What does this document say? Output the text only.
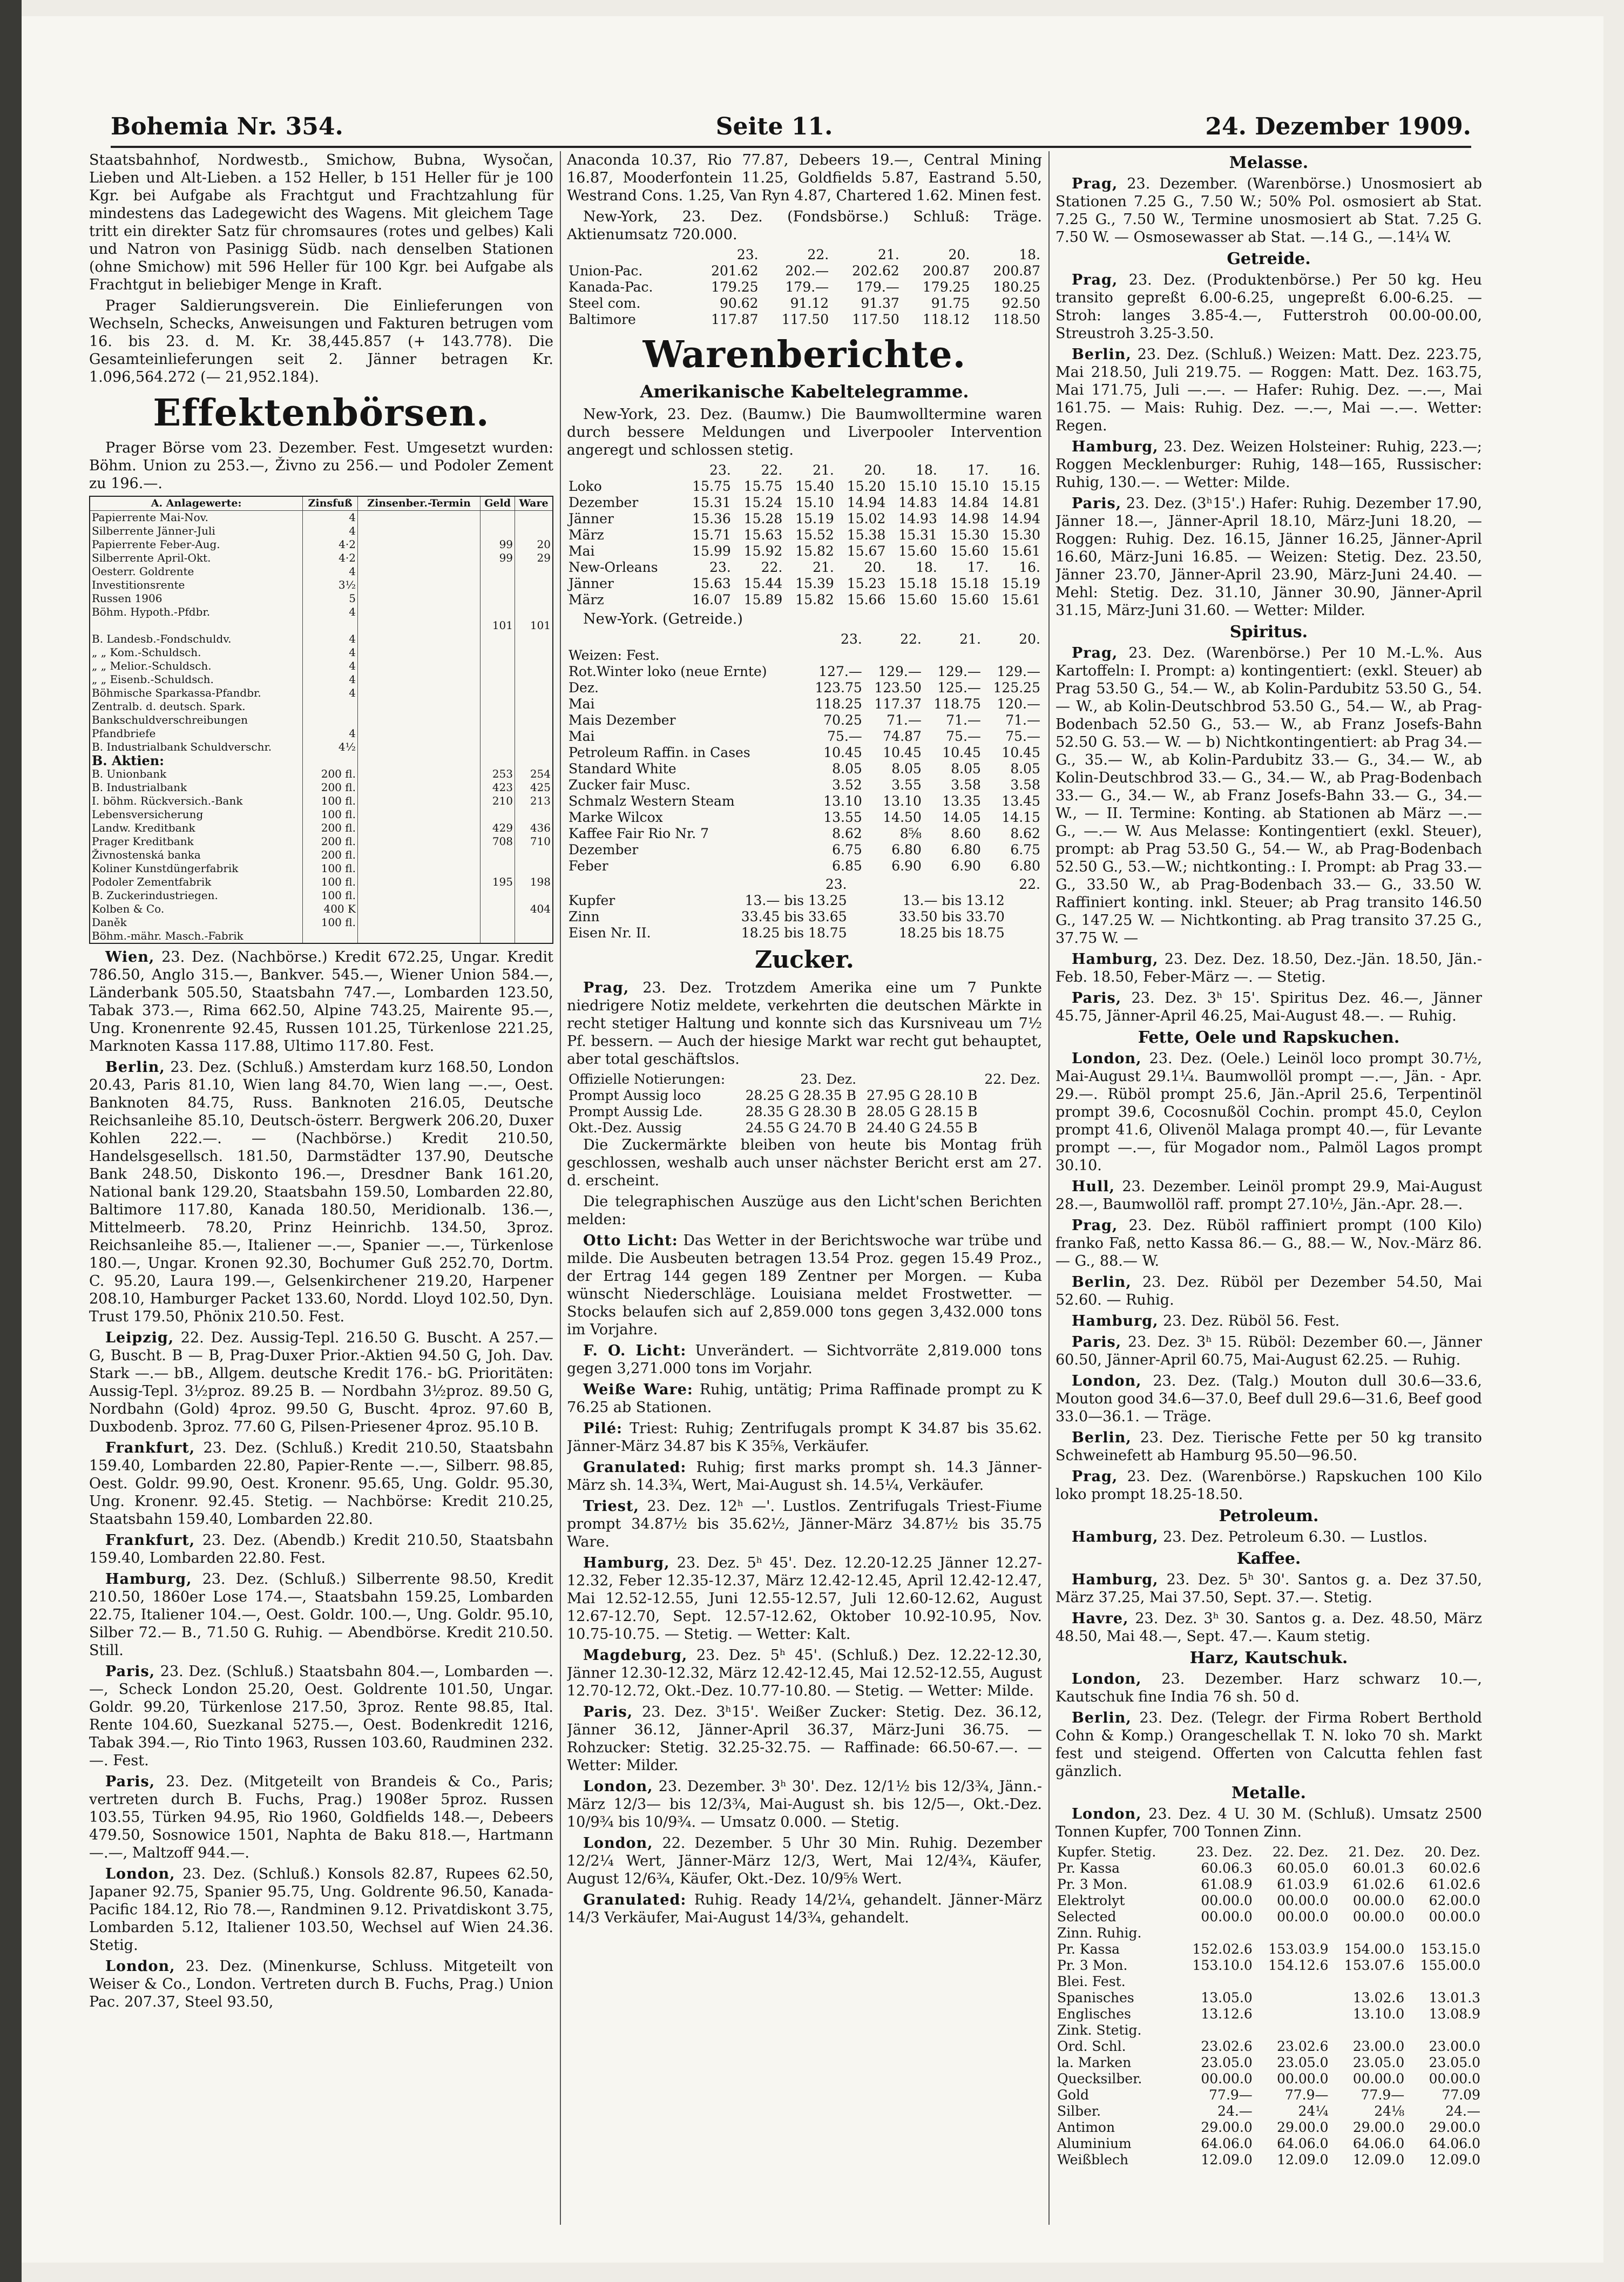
Bohemia Nr. 354.	Seite 11.	24. Dezember 1909.

Staatsbahnhof, Nordwestb., Smichow, Bubna, Wysočan, Lieben und Alt-Lieben. a 152 Heller, b 151 Heller für je 100 Kgr. bei Aufgabe als Frachtgut und Frachtzahlung für mindestens das Ladegewicht des Wagens. Mit gleichem Tage tritt ein direkter Satz für chromsaures (rotes und gelbes) Kali und Natron von Pasinigg Südb. nach denselben Stationen (ohne Smichow) mit 596 Heller für 100 Kgr. bei Aufgabe als Frachtgut in beliebiger Menge in Kraft.

Prager Saldierungsverein. Die Einlieferungen von Wechseln, Schecks, Anweisungen und Fakturen betrugen vom 16. bis 23. d. M. Kr. 38,445.857 (+ 143.778). Die Gesamteinlieferungen seit 2. Jänner betragen Kr. 1.096,564.272 (— 21,952.184).

Effektenbörsen.

Prager Börse vom 23. Dezember. Fest. Umgesetzt wurden: Böhm. Union zu 253.—, Živno zu 256.— und Podoler Zement zu 196.—.

A. Anlagewerte:	Zinsfuß	Zinsenber.-Termin	Geld	Ware
Papierrente Mai-Nov.	4			
Silberrente Jänner-Juli	4			
Papierrente Feber-Aug.	4·2		99	20
Silberrente April-Okt.	4·2		99	29
Oesterr. Goldrente	4			
Investitionsrente	3½			
Russen 1906	5			
Böhm. Hypoth.-Pfdbr.	4			
			101	101
B. Landesb.-Fondschuldv.	4			
„ „ Kom.-Schuldsch.	4			
„ „ Melior.-Schuldsch.	4			
„ „ Eisenb.-Schuldsch.	4			
Böhmische Sparkassa-Pfandbr.	4			
Zentralb. d. deutsch. Spark.				
Bankschuldverschreibungen				
Pfandbriefe	4			
B. Industrialbank Schuldverschr.	4½			
B. Aktien:				
B. Unionbank	200 fl.		253	254
B. Industrialbank	200 fl.		423	425
I. böhm. Rückversich.-Bank	100 fl.		210	213
Lebensversicherung	100 fl.			
Landw. Kreditbank	200 fl.		429	436
Prager Kreditbank	200 fl.		708	710
Živnostenská banka	200 fl.			
Koliner Kunstdüngerfabrik	100 fl.			
Podoler Zementfabrik	100 fl.		195	198
B. Zuckerindustriegen.	100 fl.			
Kolben & Co.	400 K			404
Daněk	100 fl.			
Böhm.-mähr. Masch.-Fabrik				

Wien, 23. Dez. (Nachbörse.) Kredit 672.25, Ungar. Kredit 786.50, Anglo 315.—, Bankver. 545.—, Wiener Union 584.—, Länderbank 505.50, Staatsbahn 747.—, Lombarden 123.50, Tabak 373.—, Rima 662.50, Alpine 743.25, Mairente 95.—, Ung. Kronenrente 92.45, Russen 101.25, Türkenlose 221.25, Marknoten Kassa 117.88, Ultimo 117.80. Fest.

Berlin, 23. Dez. (Schluß.) Amsterdam kurz 168.50, London 20.43, Paris 81.10, Wien lang 84.70, Wien lang —.—, Oest. Banknoten 84.75, Russ. Banknoten 216.05, Deutsche Reichsanleihe 85.10, Deutsch-österr. Bergwerk 206.20, Duxer Kohlen 222.—. — (Nachbörse.) Kredit 210.50, Handelsgesellsch. 181.50, Darmstädter 137.90, Deutsche Bank 248.50, Diskonto 196.—, Dresdner Bank 161.20, National bank 129.20, Staatsbahn 159.50, Lombarden 22.80, Baltimore 117.80, Kanada 180.50, Meridionalb. 136.—, Mittelmeerb. 78.20, Prinz Heinrichb. 134.50, 3proz. Reichsanleihe 85.—, Italiener —.—, Spanier —.—, Türkenlose 180.—, Ungar. Kronen 92.30, Bochumer Guß 252.70, Dortm. C. 95.20, Laura 199.—, Gelsenkirchener 219.20, Harpener 208.10, Hamburger Packet 133.60, Nordd. Lloyd 102.50, Dyn. Trust 179.50, Phönix 210.50. Fest.

Leipzig, 22. Dez. Aussig-Tepl. 216.50 G. Buscht. A 257.— G, Buscht. B — B, Prag-Duxer Prior.-Aktien 94.50 G, Joh. Dav. Stark —.— bB., Allgem. deutsche Kredit 176.- bG. Prioritäten: Aussig-Tepl. 3½proz. 89.25 B. — Nordbahn 3½proz. 89.50 G, Nordbahn (Gold) 4proz. 99.50 G, Buscht. 4proz. 97.60 B, Duxbodenb. 3proz. 77.60 G, Pilsen-Priesener 4proz. 95.10 B.

Frankfurt, 23. Dez. (Schluß.) Kredit 210.50, Staatsbahn 159.40, Lombarden 22.80, Papier-Rente —.—, Silberr. 98.85, Oest. Goldr. 99.90, Oest. Kronenr. 95.65, Ung. Goldr. 95.30, Ung. Kronenr. 92.45. Stetig. — Nachbörse: Kredit 210.25, Staatsbahn 159.40, Lombarden 22.80.

Frankfurt, 23. Dez. (Abendb.) Kredit 210.50, Staatsbahn 159.40, Lombarden 22.80. Fest.

Hamburg, 23. Dez. (Schluß.) Silberrente 98.50, Kredit 210.50, 1860er Lose 174.—, Staatsbahn 159.25, Lombarden 22.75, Italiener 104.—, Oest. Goldr. 100.—, Ung. Goldr. 95.10, Silber 72.— B., 71.50 G. Ruhig. — Abendbörse. Kredit 210.50. Still.

Paris, 23. Dez. (Schluß.) Staatsbahn 804.—, Lombarden —.—, Scheck London 25.20, Oest. Goldrente 101.50, Ungar. Goldr. 99.20, Türkenlose 217.50, 3proz. Rente 98.85, Ital. Rente 104.60, Suezkanal 5275.—, Oest. Bodenkredit 1216, Tabak 394.—, Rio Tinto 1963, Russen 103.60, Raudminen 232.—. Fest.

Paris, 23. Dez. (Mitgeteilt von Brandeis & Co., Paris; vertreten durch B. Fuchs, Prag.) 1908er 5proz. Russen 103.55, Türken 94.95, Rio 1960, Goldfields 148.—, Debeers 479.50, Sosnowice 1501, Naphta de Baku 818.—, Hartmann —.—, Maltzoff 944.—.

London, 23. Dez. (Schluß.) Konsols 82.87, Rupees 62.50, Japaner 92.75, Spanier 95.75, Ung. Goldrente 96.50, Kanada-Pacific 184.12, Rio 78.—, Randminen 9.12. Privatdiskont 3.75, Lombarden 5.12, Italiener 103.50, Wechsel auf Wien 24.36. Stetig.

London, 23. Dez. (Minenkurse, Schluss. Mitgeteilt von Weiser & Co., London. Vertreten durch B. Fuchs, Prag.) Union Pac. 207.37, Steel 93.50,

Anaconda 10.37, Rio 77.87, Debeers 19.—, Central Mining 16.87, Mooderfontein 11.25, Goldfields 5.87, Eastrand 5.50, Westrand Cons. 1.25, Van Ryn 4.87, Chartered 1.62. Minen fest.

New-York, 23. Dez. (Fondsbörse.) Schluß: Träge. Aktienumsatz 720.000.

	23.	22.	21.	20.	18.
Union-Pac.	201.62	202.—	202.62	200.87	200.87
Kanada-Pac.	179.25	179.—	179.—	179.25	180.25
Steel com.	90.62	91.12	91.37	91.75	92.50
Baltimore	117.87	117.50	117.50	118.12	118.50
Warenberichte.
Amerikanische Kabeltelegramme.

New-York, 23. Dez. (Baumw.) Die Baumwolltermine waren durch bessere Meldungen und Liverpooler Intervention angeregt und schlossen stetig.

	23.	22.	21.	20.	18.	17.	16.
Loko	15.75	15.75	15.40	15.20	15.10	15.10	15.15
Dezember	15.31	15.24	15.10	14.94	14.83	14.84	14.81
Jänner	15.36	15.28	15.19	15.02	14.93	14.98	14.94
März	15.71	15.63	15.52	15.38	15.31	15.30	15.30
Mai	15.99	15.92	15.82	15.67	15.60	15.60	15.61
New-Orleans	23.	22.	21.	20.	18.	17.	16.
Jänner	15.63	15.44	15.39	15.23	15.18	15.18	15.19
März	16.07	15.89	15.82	15.66	15.60	15.60	15.61

New-York. (Getreide.)

	23.	22.	21.	20.
Weizen: Fest.				
Rot.Winter loko (neue Ernte)	127.—	129.—	129.—	129.—
Dez.	123.75	123.50	125.—	125.25
Mai	118.25	117.37	118.75	120.—
Mais Dezember	70.25	71.—	71.—	71.—
Mai	75.—	74.87	75.—	75.—
Petroleum Raffin. in Cases	10.45	10.45	10.45	10.45
Standard White	8.05	8.05	8.05	8.05
Zucker fair Musc.	3.52	3.55	3.58	3.58
Schmalz Western Steam	13.10	13.10	13.35	13.45
Marke Wilcox	13.55	14.50	14.05	14.15
Kaffee Fair Rio Nr. 7	8.62	8⅝	8.60	8.62
Dezember	6.75	6.80	6.80	6.75
Feber	6.85	6.90	6.90	6.80
	23.		22.
Kupfer	13.— bis 13.25	13.— bis 13.12	
Zinn	33.45 bis 33.65	33.50 bis 33.70	
Eisen Nr. II.	18.25 bis 18.75	18.25 bis 18.75	
Zucker.

Prag, 23. Dez. Trotzdem Amerika eine um 7 Punkte niedrigere Notiz meldete, verkehrten die deutschen Märkte in recht stetiger Haltung und konnte sich das Kursniveau um 7½ Pf. bessern. — Auch der hiesige Markt war recht gut behauptet, aber total geschäftslos.

Offizielle Notierungen:	23. Dez.		22. Dez.
Prompt Aussig loco	28.25 G 28.35 B	27.95 G 28.10 B	
Prompt Aussig Lde.	28.35 G 28.30 B	28.05 G 28.15 B	
Okt.-Dez. Aussig	24.55 G 24.70 B	24.40 G 24.55 B	

Die Zuckermärkte bleiben von heute bis Montag früh geschlossen, weshalb auch unser nächster Bericht erst am 27. d. erscheint.

Die telegraphischen Auszüge aus den Licht'schen Berichten melden:

Otto Licht: Das Wetter in der Berichtswoche war trübe und milde. Die Ausbeuten betragen 13.54 Proz. gegen 15.49 Proz., der Ertrag 144 gegen 189 Zentner per Morgen. — Kuba wünscht Niederschläge. Louisiana meldet Frostwetter. — Stocks belaufen sich auf 2,859.000 tons gegen 3,432.000 tons im Vorjahre.

F. O. Licht: Unverändert. — Sichtvorräte 2,819.000 tons gegen 3,271.000 tons im Vorjahr.

Weiße Ware: Ruhig, untätig; Prima Raffinade prompt zu K 76.25 ab Stationen.

Pilé: Triest: Ruhig; Zentrifugals prompt K 34.87 bis 35.62. Jänner-März 34.87 bis K 35⅝, Verkäufer.

Granulated: Ruhig; first marks prompt sh. 14.3 Jänner-März sh. 14.3¾, Wert, Mai-August sh. 14.5¼, Verkäufer.

Triest, 23. Dez. 12ʰ —'. Lustlos. Zentrifugals Triest-Fiume prompt 34.87½ bis 35.62½, Jänner-März 34.87½ bis 35.75 Ware.

Hamburg, 23. Dez. 5ʰ 45'. Dez. 12.20-12.25 Jänner 12.27-12.32, Feber 12.35-12.37, März 12.42-12.45, April 12.42-12.47, Mai 12.52-12.55, Juni 12.55-12.57, Juli 12.60-12.62, August 12.67-12.70, Sept. 12.57-12.62, Oktober 10.92-10.95, Nov. 10.75-10.75. — Stetig. — Wetter: Kalt.

Magdeburg, 23. Dez. 5ʰ 45'. (Schluß.) Dez. 12.22-12.30, Jänner 12.30-12.32, März 12.42-12.45, Mai 12.52-12.55, August 12.70-12.72, Okt.-Dez. 10.77-10.80. — Stetig. — Wetter: Milde.

Paris, 23. Dez. 3ʰ15'. Weißer Zucker: Stetig. Dez. 36.12, Jänner 36.12, Jänner-April 36.37, März-Juni 36.75. — Rohzucker: Stetig. 32.25-32.75. — Raffinade: 66.50-67.—. — Wetter: Milder.

London, 23. Dezember. 3ʰ 30'. Dez. 12/1½ bis 12/3¾, Jänn.-März 12/3— bis 12/3¾, Mai-August sh. bis 12/5—, Okt.-Dez. 10/9¾ bis 10/9¾. — Umsatz 0.000. — Stetig.

London, 22. Dezember. 5 Uhr 30 Min. Ruhig. Dezember 12/2¼ Wert, Jänner-März 12/3, Wert, Mai 12/4¾, Käufer, August 12/6¾, Käufer, Okt.-Dez. 10/9⅝ Wert.

Granulated: Ruhig. Ready 14/2¼, gehandelt. Jänner-März 14/3 Verkäufer, Mai-August 14/3¾, gehandelt.

Melasse.

Prag, 23. Dezember. (Warenbörse.) Unosmosiert ab Stationen 7.25 G., 7.50 W.; 50% Pol. osmosiert ab Stat. 7.25 G., 7.50 W., Termine unosmosiert ab Stat. 7.25 G. 7.50 W. — Osmosewasser ab Stat. —.14 G., —.14¼ W.

Getreide.

Prag, 23. Dez. (Produktenbörse.) Per 50 kg. Heu transito gepreßt 6.00-6.25, ungepreßt 6.00-6.25. — Stroh: langes 3.85-4.—, Futterstroh 00.00-00.00, Streustroh 3.25-3.50.

Berlin, 23. Dez. (Schluß.) Weizen: Matt. Dez. 223.75, Mai 218.50, Juli 219.75. — Roggen: Matt. Dez. 163.75, Mai 171.75, Juli —.—. — Hafer: Ruhig. Dez. —.—, Mai 161.75. — Mais: Ruhig. Dez. —.—, Mai —.—. Wetter: Regen.

Hamburg, 23. Dez. Weizen Holsteiner: Ruhig, 223.—; Roggen Mecklenburger: Ruhig, 148—165, Russischer: Ruhig, 130.—. — Wetter: Milde.

Paris, 23. Dez. (3ʰ15'.) Hafer: Ruhig. Dezember 17.90, Jänner 18.—, Jänner-April 18.10, März-Juni 18.20, — Roggen: Ruhig. Dez. 16.15, Jänner 16.25, Jänner-April 16.60, März-Juni 16.85. — Weizen: Stetig. Dez. 23.50, Jänner 23.70, Jänner-April 23.90, März-Juni 24.40. — Mehl: Stetig. Dez. 31.10, Jänner 30.90, Jänner-April 31.15, März-Juni 31.60. — Wetter: Milder.

Spiritus.

Prag, 23. Dez. (Warenbörse.) Per 10 M.-L.%. Aus Kartoffeln: I. Prompt: a) kontingentiert: (exkl. Steuer) ab Prag 53.50 G., 54.— W., ab Kolin-Pardubitz 53.50 G., 54.— W., ab Kolin-Deutschbrod 53.50 G., 54.— W., ab Prag-Bodenbach 52.50 G., 53.— W., ab Franz Josefs-Bahn 52.50 G. 53.— W. — b) Nichtkontingentiert: ab Prag 34.— G., 35.— W., ab Kolin-Pardubitz 33.— G., 34.— W., ab Kolin-Deutschbrod 33.— G., 34.— W., ab Prag-Bodenbach 33.— G., 34.— W., ab Franz Josefs-Bahn 33.— G., 34.— W., — II. Termine: Konting. ab Stationen ab März —.— G., —.— W. Aus Melasse: Kontingentiert (exkl. Steuer), prompt: ab Prag 53.50 G., 54.— W., ab Prag-Bodenbach 52.50 G., 53.—W.; nichtkonting.: I. Prompt: ab Prag 33.— G., 33.50 W., ab Prag-Bodenbach 33.— G., 33.50 W. Raffiniert konting. inkl. Steuer; ab Prag transito 146.50 G., 147.25 W. — Nichtkonting. ab Prag transito 37.25 G., 37.75 W. —

Hamburg, 23. Dez. Dez. 18.50, Dez.-Jän. 18.50, Jän.-Feb. 18.50, Feber-März —. — Stetig.

Paris, 23. Dez. 3ʰ 15'. Spiritus Dez. 46.—, Jänner 45.75, Jänner-April 46.25, Mai-August 48.—. — Ruhig.

Fette, Oele und Rapskuchen.

London, 23. Dez. (Oele.) Leinöl loco prompt 30.7½, Mai-August 29.1¼. Baumwollöl prompt —.—, Jän. - Apr. 29.—. Rüböl prompt 25.6, Jän.-April 25.6, Terpentinöl prompt 39.6, Cocosnußöl Cochin. prompt 45.0, Ceylon prompt 41.6, Olivenöl Malaga prompt 40.—, für Levante prompt —.—, für Mogador nom., Palmöl Lagos prompt 30.10.

Hull, 23. Dezember. Leinöl prompt 29.9, Mai-August 28.—, Baumwollöl raff. prompt 27.10½, Jän.-Apr. 28.—.

Prag, 23. Dez. Rüböl raffiniert prompt (100 Kilo) franko Faß, netto Kassa 86.— G., 88.— W., Nov.-März 86.— G., 88.— W.

Berlin, 23. Dez. Rüböl per Dezember 54.50, Mai 52.60. — Ruhig.

Hamburg, 23. Dez. Rüböl 56. Fest.

Paris, 23. Dez. 3ʰ 15. Rüböl: Dezember 60.—, Jänner 60.50, Jänner-April 60.75, Mai-August 62.25. — Ruhig.

London, 23. Dez. (Talg.) Mouton dull 30.6—33.6, Mouton good 34.6—37.0, Beef dull 29.6—31.6, Beef good 33.0—36.1. — Träge.

Berlin, 23. Dez. Tierische Fette per 50 kg transito Schweinefett ab Hamburg 95.50—96.50.

Prag, 23. Dez. (Warenbörse.) Rapskuchen 100 Kilo loko prompt 18.25-18.50.

Petroleum.

Hamburg, 23. Dez. Petroleum 6.30. — Lustlos.

Kaffee.

Hamburg, 23. Dez. 5ʰ 30'. Santos g. a. Dez 37.50, März 37.25, Mai 37.50, Sept. 37.—. Stetig.

Havre, 23. Dez. 3ʰ 30. Santos g. a. Dez. 48.50, März 48.50, Mai 48.—, Sept. 47.—. Kaum stetig.

Harz, Kautschuk.

London, 23. Dezember. Harz schwarz 10.—, Kautschuk fine India 76 sh. 50 d.

Berlin, 23. Dez. (Telegr. der Firma Robert Berthold Cohn & Komp.) Orangeschellak T. N. loko 70 sh. Markt fest und steigend. Offerten von Calcutta fehlen fast gänzlich.

Metalle.

London, 23. Dez. 4 U. 30 M. (Schluß). Umsatz 2500 Tonnen Kupfer, 700 Tonnen Zinn.

Kupfer. Stetig.	23. Dez.	22. Dez.	21. Dez.	20. Dez.
Pr. Kassa	60.06.3	60.05.0	60.01.3	60.02.6
Pr. 3 Mon.	61.08.9	61.03.9	61.02.6	61.02.6
Elektrolyt	00.00.0	00.00.0	00.00.0	62.00.0
Selected	00.00.0	00.00.0	00.00.0	00.00.0
Zinn. Ruhig.				
Pr. Kassa	152.02.6	153.03.9	154.00.0	153.15.0
Pr. 3 Mon.	153.10.0	154.12.6	153.07.6	155.00.0
Blei. Fest.				
Spanisches	13.05.0		13.02.6	13.01.3
Englisches	13.12.6		13.10.0	13.08.9
Zink. Stetig.				
Ord. Schl.	23.02.6	23.02.6	23.00.0	23.00.0
la. Marken	23.05.0	23.05.0	23.05.0	23.05.0
Quecksilber.	00.00.0	00.00.0	00.00.0	00.00.0
Gold	77.9—	77.9—	77.9—	77.09
Silber.	24.—	24¼	24⅛	24.—
Antimon	29.00.0	29.00.0	29.00.0	29.00.0
Aluminium	64.06.0	64.06.0	64.06.0	64.06.0
Weißblech	12.09.0	12.09.0	12.09.0	12.09.0
